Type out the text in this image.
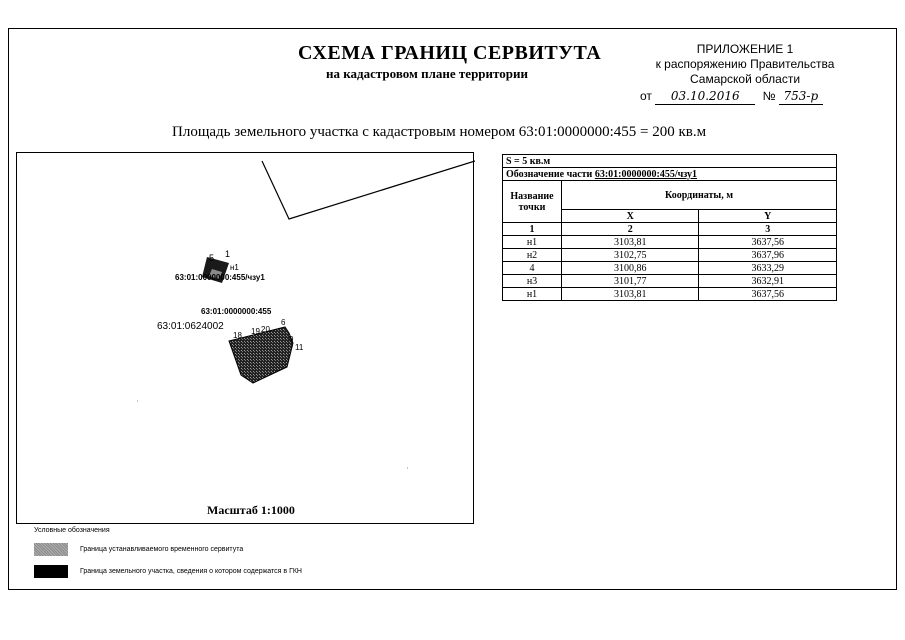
СХЕМА ГРАНИЦ СЕРВИТУТА
на кадастровом плане территории
ПРИЛОЖЕНИЕ 1
к распоряжению Правительства
Самарской области
от 03.10.2016 № 753-р
Площадь земельного участка с кадастровым номером 63:01:0000000:455 = 200 кв.м
5 1
н1
63:01:0000000:455/чзу1
63:01:0000000:455
63:01:0624002
18 19 20
6
9
11
Масштаб 1:1000
S = 5 кв.м		
Обозначение части 63:01:0000000:455/чзу1		
Название точки	Координаты, м	
	X	Y
1	2	3
н1	3103,81	3637,56
н2	3102,75	3637,96
4	3100,86	3633,29
н3	3101,77	3632,91
н1	3103,81	3637,56
Условные обозначения
Граница устанавливаемого временного сервитута
Граница земельного участка, сведения о котором содержатся в ГКН
